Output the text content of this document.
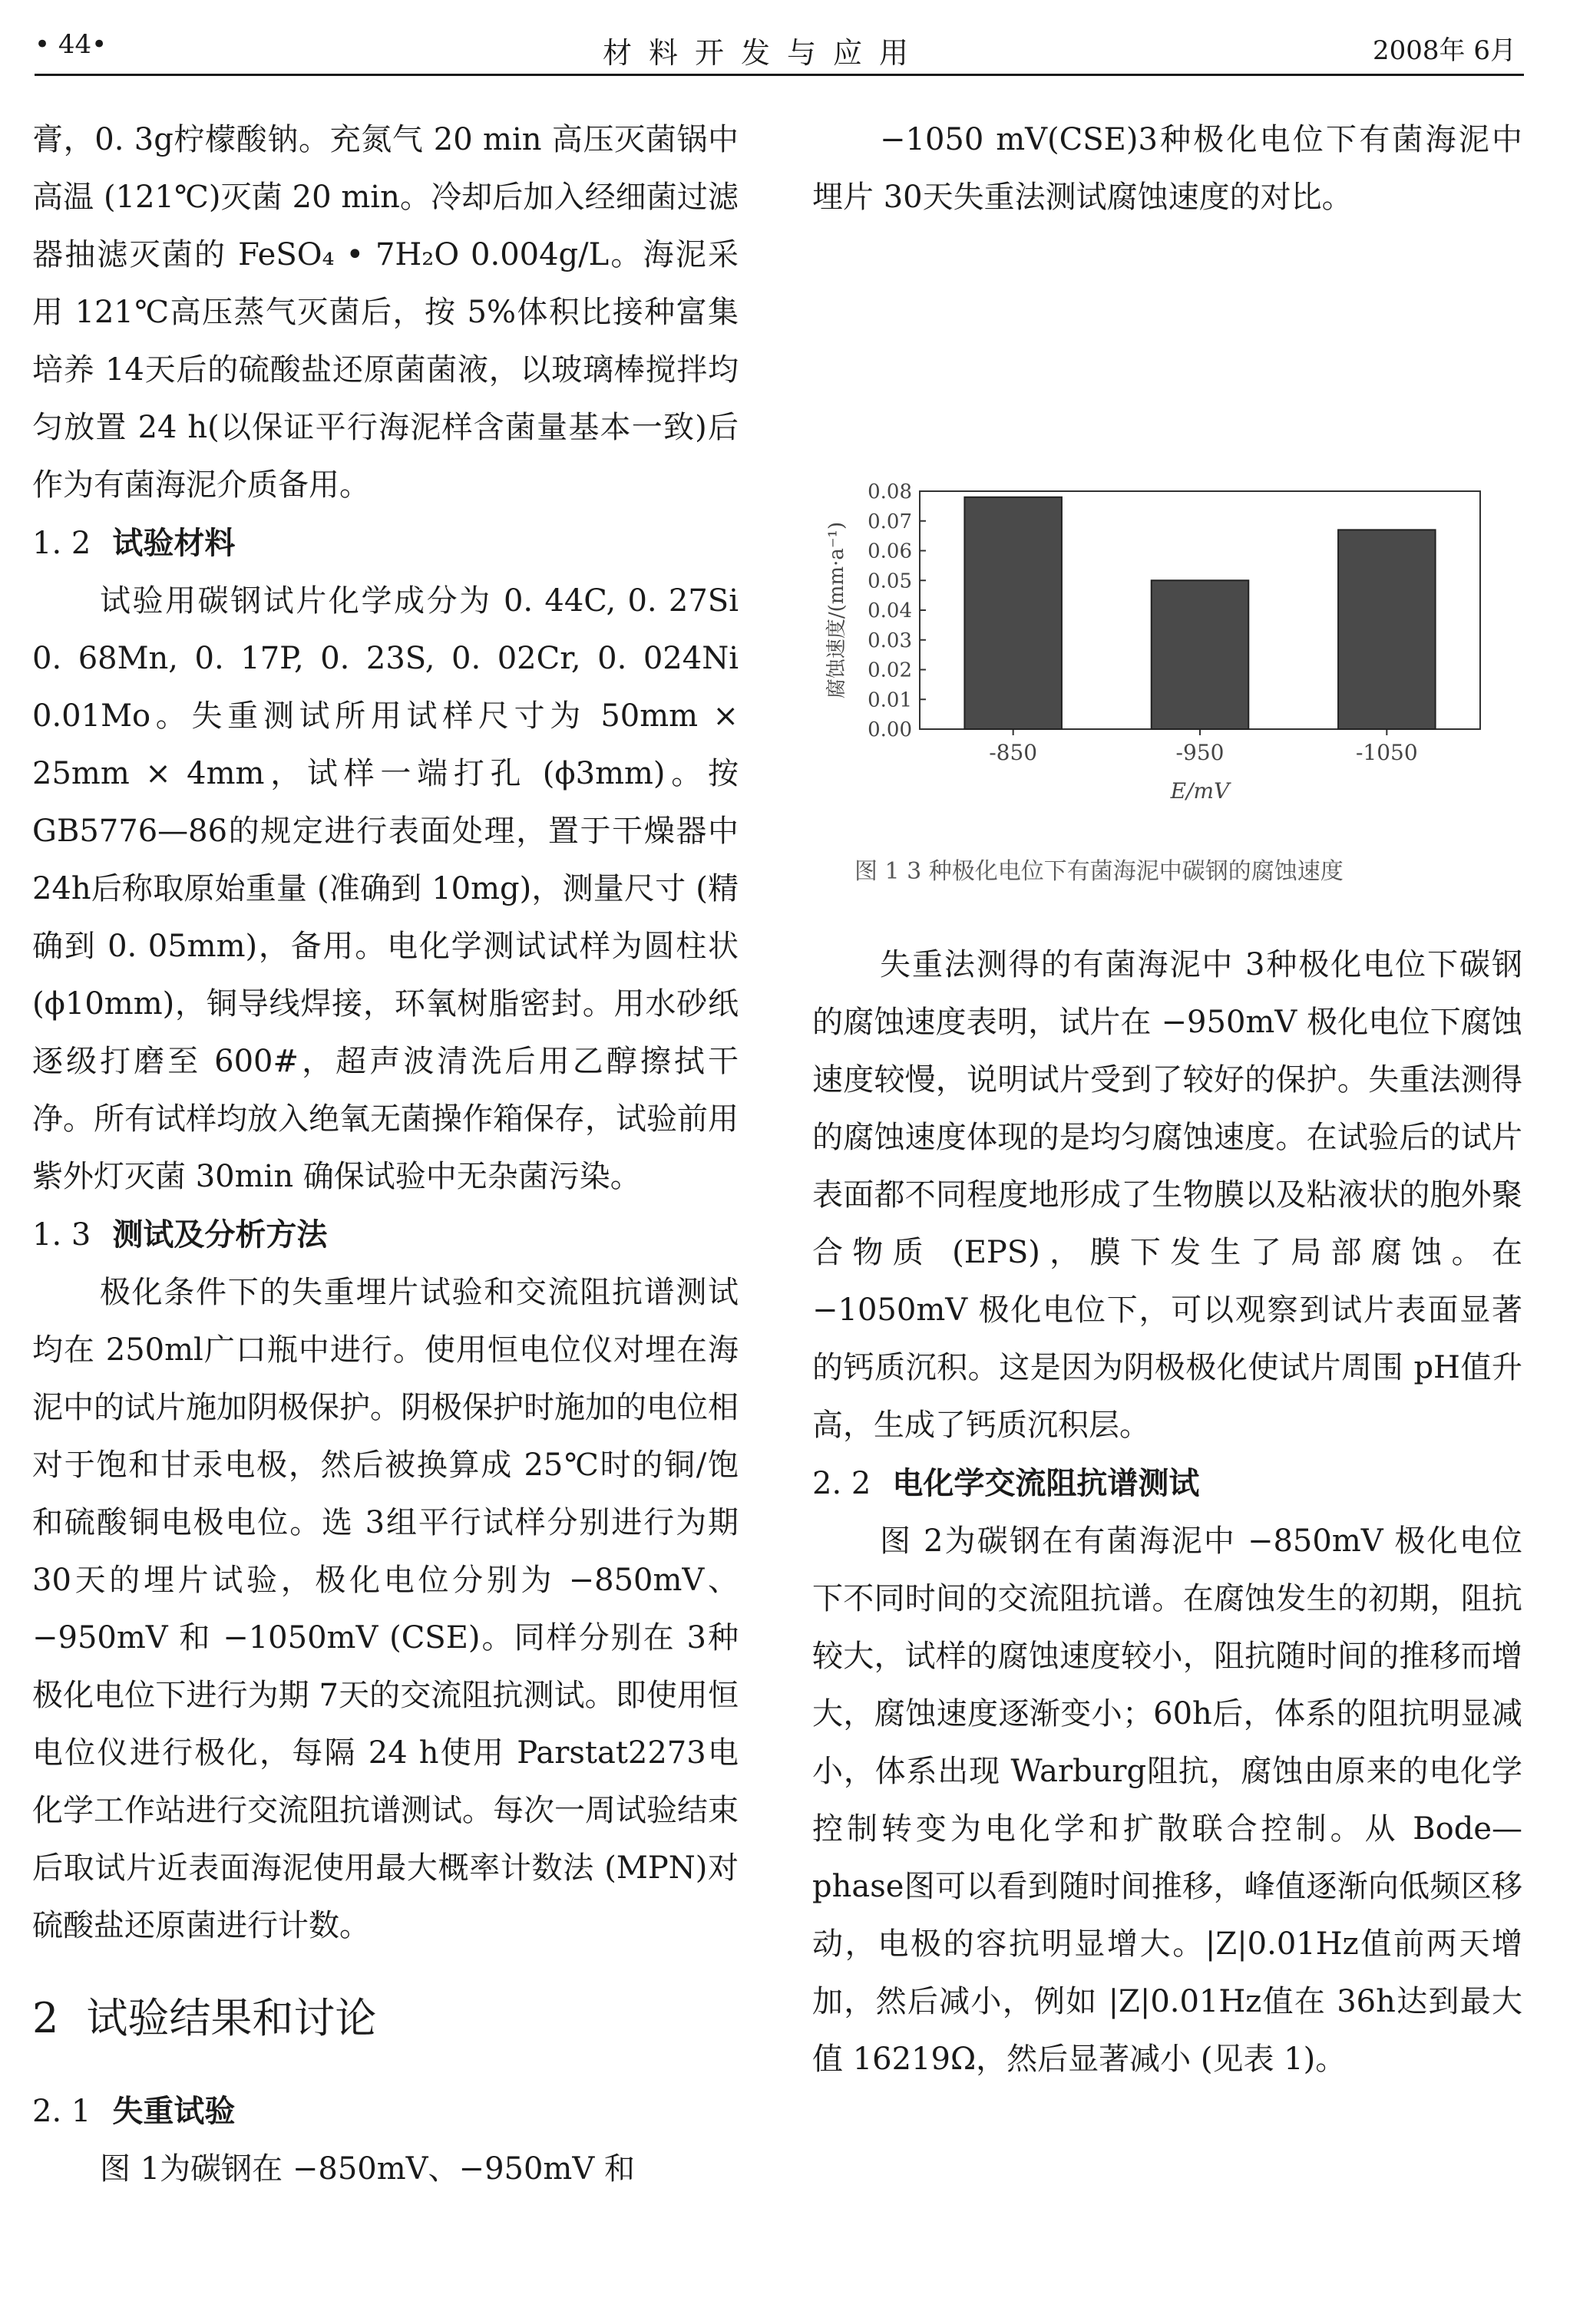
• 44•	材料开发与应用	2008年 6月

膏，0. 3g柠檬酸钠。充氮气 20 min 高压灭菌锅中高温 (121℃)灭菌 20 min。冷却后加入经细菌过滤器抽滤灭菌的 FeSO₄ • 7H₂O 0.004g/L。海泥采用 121℃高压蒸气灭菌后，按 5%体积比接种富集培养 14天后的硫酸盐还原菌菌液，以玻璃棒搅拌均匀放置 24 h(以保证平行海泥样含菌量基本一致)后作为有菌海泥介质备用。

1. 2 试验材料

试验用碳钢试片化学成分为 0. 44C, 0. 27Si 0. 68Mn, 0. 17P, 0. 23S, 0. 02Cr, 0. 024Ni 0.01Mo。失重测试所用试样尺寸为 50mm × 25mm × 4mm，试样一端打孔 (ϕ3mm)。按 GB5776—86的规定进行表面处理，置于干燥器中 24h后称取原始重量 (准确到 10mg)，测量尺寸 (精确到 0. 05mm)，备用。电化学测试试样为圆柱状 (ϕ10mm)，铜导线焊接，环氧树脂密封。用水砂纸逐级打磨至 600#，超声波清洗后用乙醇擦拭干净。所有试样均放入绝氧无菌操作箱保存，试验前用紫外灯灭菌 30min 确保试验中无杂菌污染。

1. 3 测试及分析方法

极化条件下的失重埋片试验和交流阻抗谱测试均在 250ml广口瓶中进行。使用恒电位仪对埋在海泥中的试片施加阴极保护。阴极保护时施加的电位相对于饱和甘汞电极，然后被换算成 25℃时的铜/饱和硫酸铜电极电位。选 3组平行试样分别进行为期 30天的埋片试验，极化电位分别为 −850mV、−950mV 和 −1050mV (CSE)。同样分别在 3种极化电位下进行为期 7天的交流阻抗测试。即使用恒电位仪进行极化，每隔 24 h使用 Parstat2273电化学工作站进行交流阻抗谱测试。每次一周试验结束后取试片近表面海泥使用最大概率计数法 (MPN)对硫酸盐还原菌进行计数。

2 试验结果和讨论
2. 1 失重试验

图 1为碳钢在 −850mV、−950mV 和

−1050 mV(CSE)3种极化电位下有菌海泥中埋片 30天失重法测试腐蚀速度的对比。

0.00
0.01
0.02
0.03
0.04
0.05
0.06
0.07
0.08
-850	-950	-1050
E/mV
腐蚀速度/(mm·a⁻¹)
图 1 3 种极化电位下有菌海泥中碳钢的腐蚀速度

失重法测得的有菌海泥中 3种极化电位下碳钢的腐蚀速度表明，试片在 −950mV 极化电位下腐蚀速度较慢，说明试片受到了较好的保护。失重法测得的腐蚀速度体现的是均匀腐蚀速度。在试验后的试片表面都不同程度地形成了生物膜以及粘液状的胞外聚合物质 (EPS)，膜下发生了局部腐蚀。在 −1050mV 极化电位下，可以观察到试片表面显著的钙质沉积。这是因为阴极极化使试片周围 pH值升高，生成了钙质沉积层。

2. 2 电化学交流阻抗谱测试

图 2为碳钢在有菌海泥中 −850mV 极化电位下不同时间的交流阻抗谱。在腐蚀发生的初期，阻抗较大，试样的腐蚀速度较小，阻抗随时间的推移而增大，腐蚀速度逐渐变小；60h后，体系的阻抗明显减小，体系出现 Warburg阻抗，腐蚀由原来的电化学控制转变为电化学和扩散联合控制。从 Bode—phase图可以看到随时间推移，峰值逐渐向低频区移动，电极的容抗明显增大。|Z|0.01Hz值前两天增加，然后减小，例如 |Z|0.01Hz值在 36h达到最大值 16219Ω，然后显著减小 (见表 1)。
